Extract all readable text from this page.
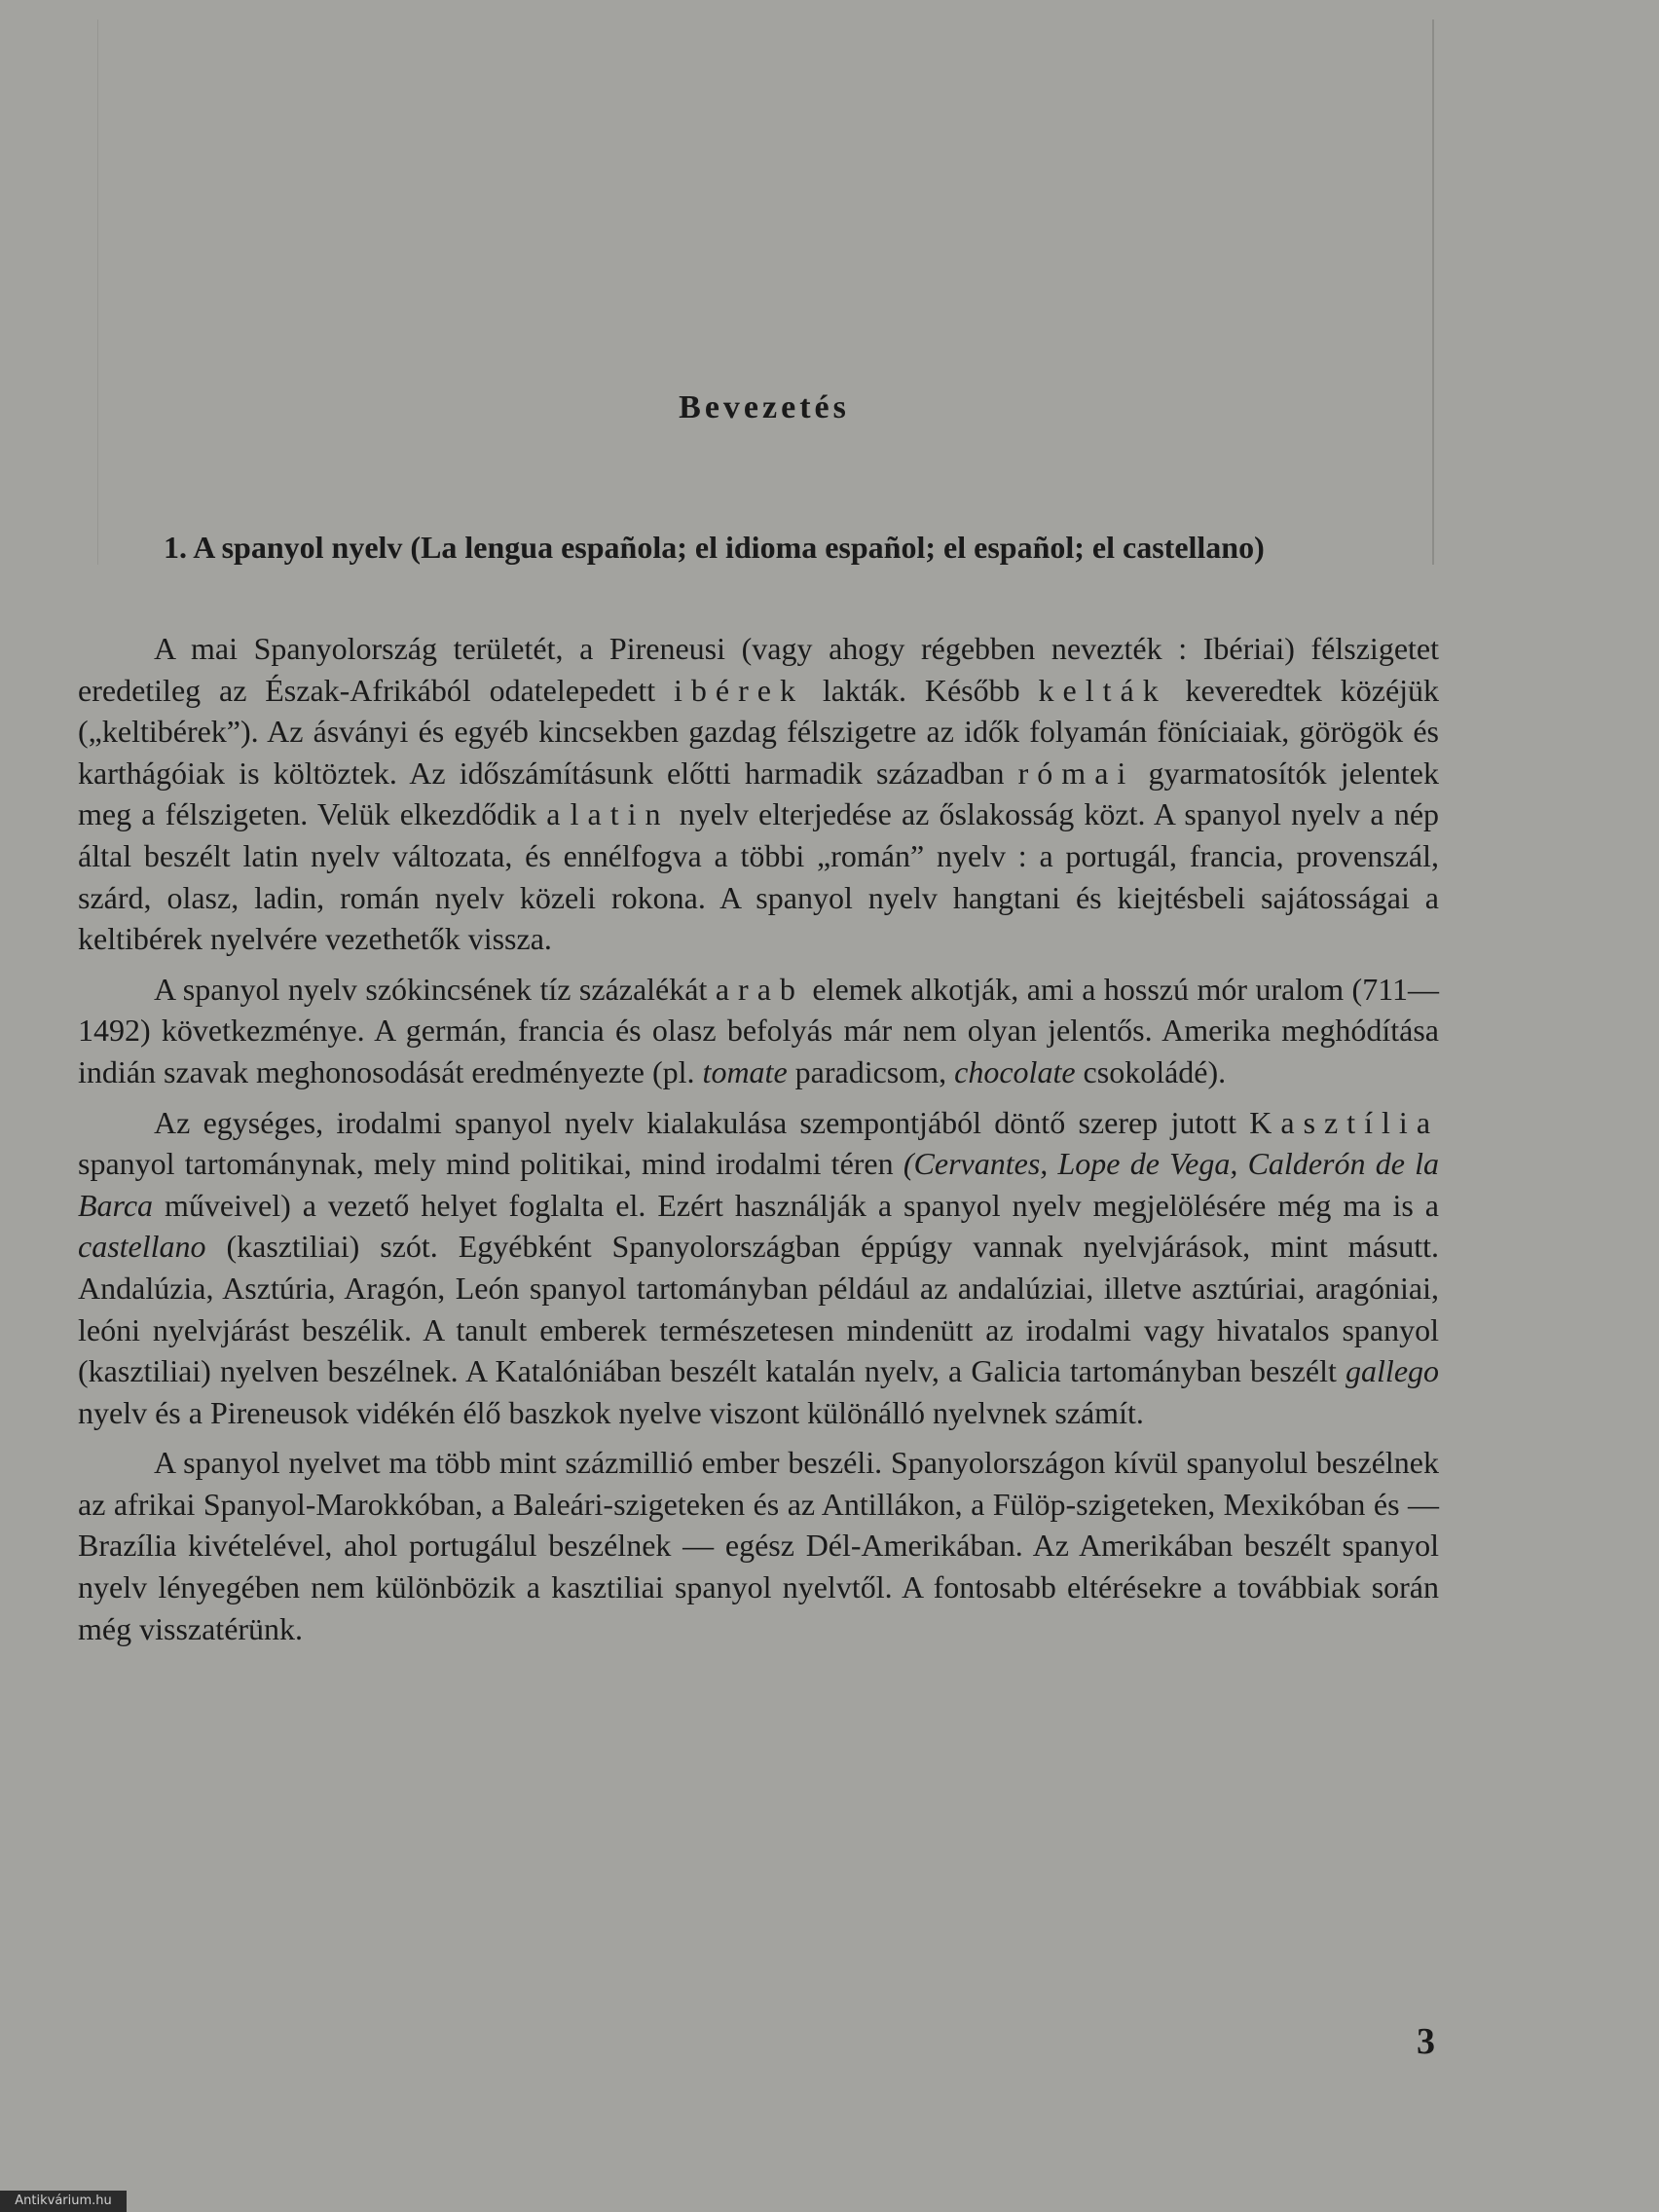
Bevezetés
1. A spanyol nyelv (La lengua española; el idioma español; el español; el castellano)

A mai Spanyolország területét, a Pireneusi (vagy ahogy régebben nevezték : Ibériai) félszigetet eredetileg az Észak-Afrikából odatelepedett ibérek lakták. Később kelták keveredtek közéjük („keltibérek”). Az ásványi és egyéb kincsekben gazdag félszigetre az idők folyamán föníciaiak, görögök és karthágóiak is költöztek. Az időszámításunk előtti harmadik században római gyarmatosítók jelentek meg a félszigeten. Velük elkezdődik a latin nyelv elterjedése az őslakosság közt. A spanyol nyelv a nép által beszélt latin nyelv változata, és ennélfogva a többi „román” nyelv : a portugál, francia, provenszál, szárd, olasz, ladin, román nyelv közeli rokona. A spanyol nyelv hangtani és kiejtésbeli sajátosságai a keltibérek nyelvére vezethetők vissza.

A spanyol nyelv szókincsének tíz százalékát arab elemek alkotják, ami a hosszú mór uralom (711—1492) következménye. A germán, francia és olasz befolyás már nem olyan jelentős. Amerika meghódítása indián szavak meghonosodását eredményezte (pl. tomate paradicsom, chocolate csokoládé).

Az egységes, irodalmi spanyol nyelv kialakulása szempontjából döntő szerep jutott Kasztília spanyol tartománynak, mely mind politikai, mind irodalmi téren (Cervantes, Lope de Vega, Calderón de la Barca műveivel) a vezető helyet foglalta el. Ezért használják a spanyol nyelv megjelölésére még ma is a castellano (kasztiliai) szót. Egyébként Spanyolországban éppúgy vannak nyelvjárások, mint másutt. Andalúzia, Asztúria, Aragón, León spanyol tartományban például az andalúziai, illetve asztúriai, aragóniai, leóni nyelvjárást beszélik. A tanult emberek természetesen mindenütt az irodalmi vagy hivatalos spanyol (kasztiliai) nyelven beszélnek. A Katalóniában beszélt katalán nyelv, a Galicia tartományban beszélt gallego nyelv és a Pireneusok vidékén élő baszkok nyelve viszont különálló nyelvnek számít.

A spanyol nyelvet ma több mint százmillió ember beszéli. Spanyolországon kívül spanyolul beszélnek az afrikai Spanyol-Marokkóban, a Baleári-szigeteken és az Antillákon, a Fülöp-szigeteken, Mexikóban és — Brazília kivételével, ahol portugálul beszélnek — egész Dél-Amerikában. Az Amerikában beszélt spanyol nyelv lényegében nem különbözik a kasztiliai spanyol nyelvtől. A fontosabb eltérésekre a továbbiak során még visszatérünk.

3
Antikvárium.hu
